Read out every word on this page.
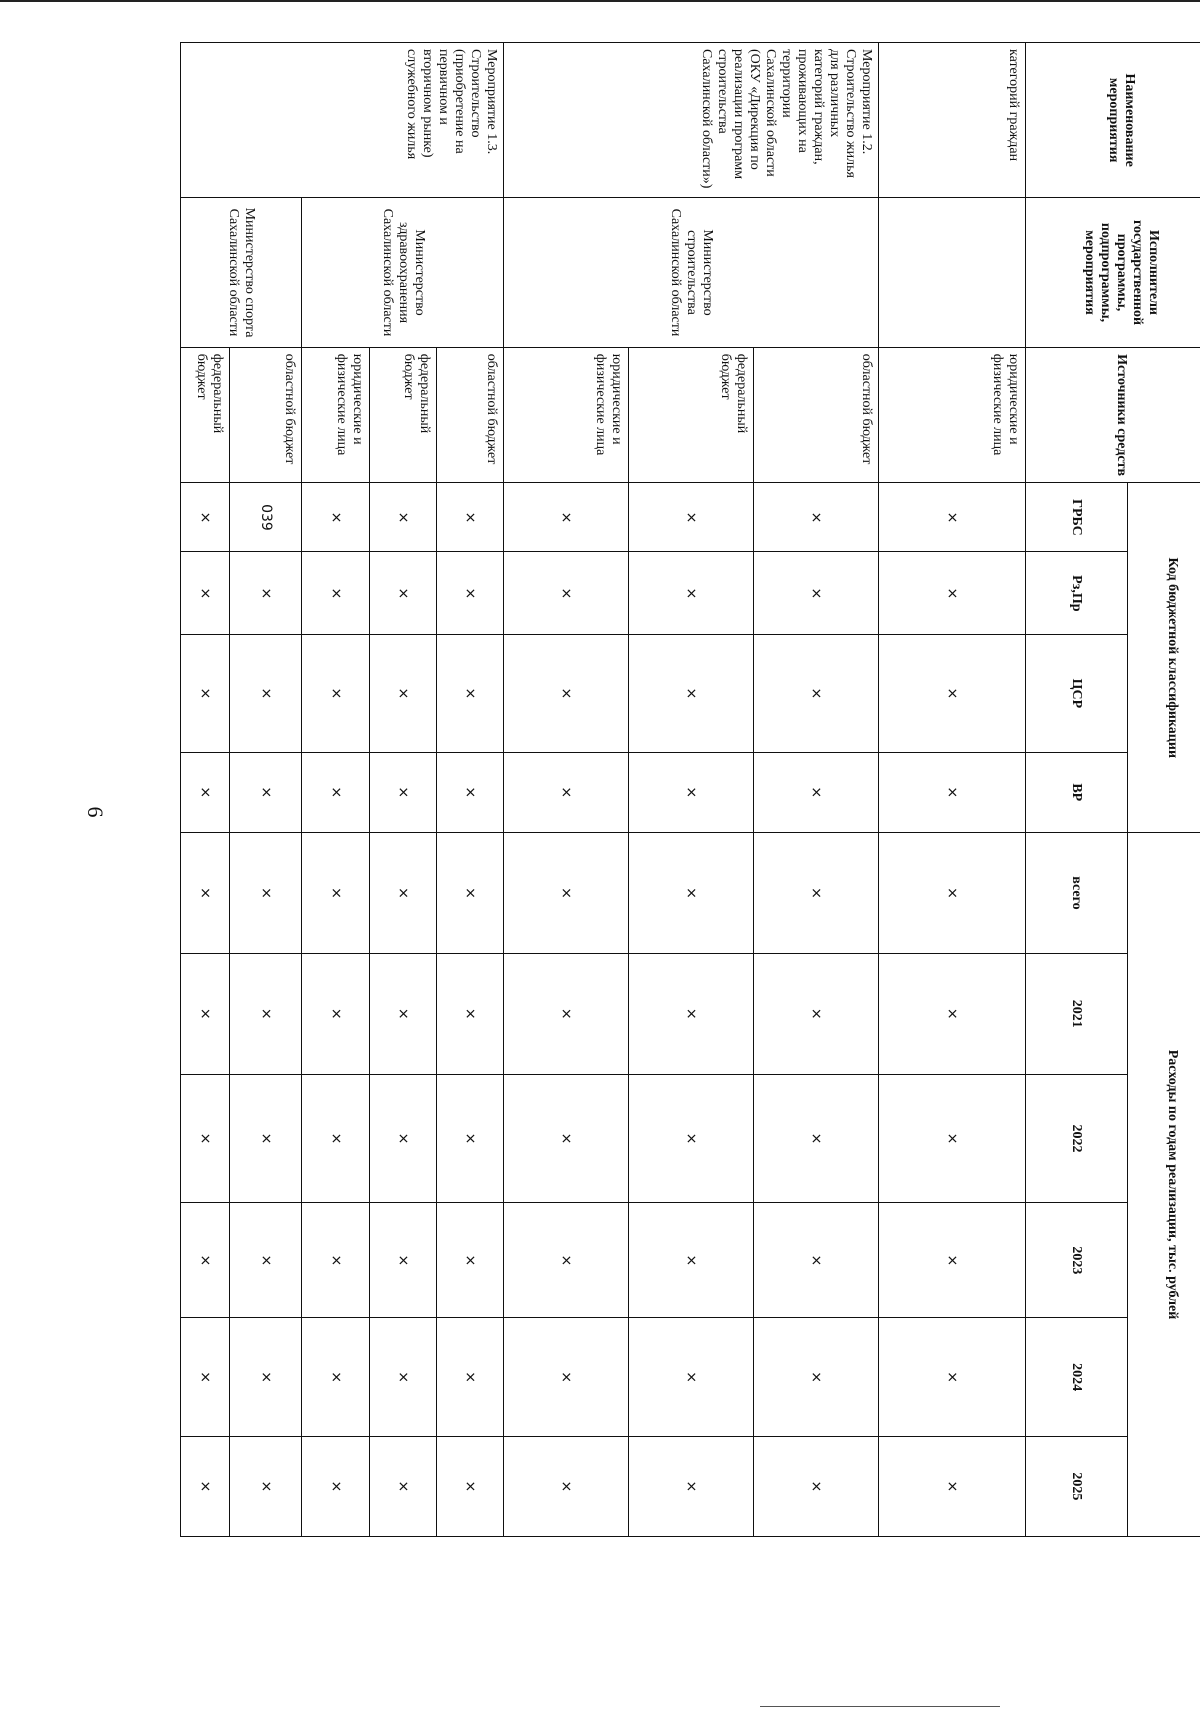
6
Наименование мероприятия	Исполнители государственной программы, подпрограммы, мероприятия	Источники средств	Код бюджетной классификации				Расходы по годам реализации, тыс. рублей					
			ГРБС	Рз,Пр	ЦСР	ВР	всего	2021	2022	2023	2024	2025
категорий граждан		юридические и физические лица	×	×	×	×	×	×	×	×	×	×
Мероприятие 1.2. Строительство жилья для различных категорий граждан, проживающих на территории Сахалинской области (ОКУ «Дирекция по реализации программ строительства Сахалинской области»)	Министерство строительства Сахалинской области	областной бюджет	×	×	×	×	×	×	×	×	×	×
		федеральный бюджет	×	×	×	×	×	×	×	×	×	×
		юридические и физические лица	×	×	×	×	×	×	×	×	×	×
Мероприятие 1.3. Строительство (приобретение на первичном и вторичном рынке) служебного жилья	Министерство здравоохранения Сахалинской области	областной бюджет	×	×	×	×	×	×	×	×	×	×
		федеральный бюджет	×	×	×	×	×	×	×	×	×	×
		юридические и физические лица	×	×	×	×	×	×	×	×	×	×
	Министерство спорта Сахалинской области	областной бюджет	039	×	×	×	×	×	×	×	×	×
		федеральный бюджет	×	×	×	×	×	×	×	×	×	×
